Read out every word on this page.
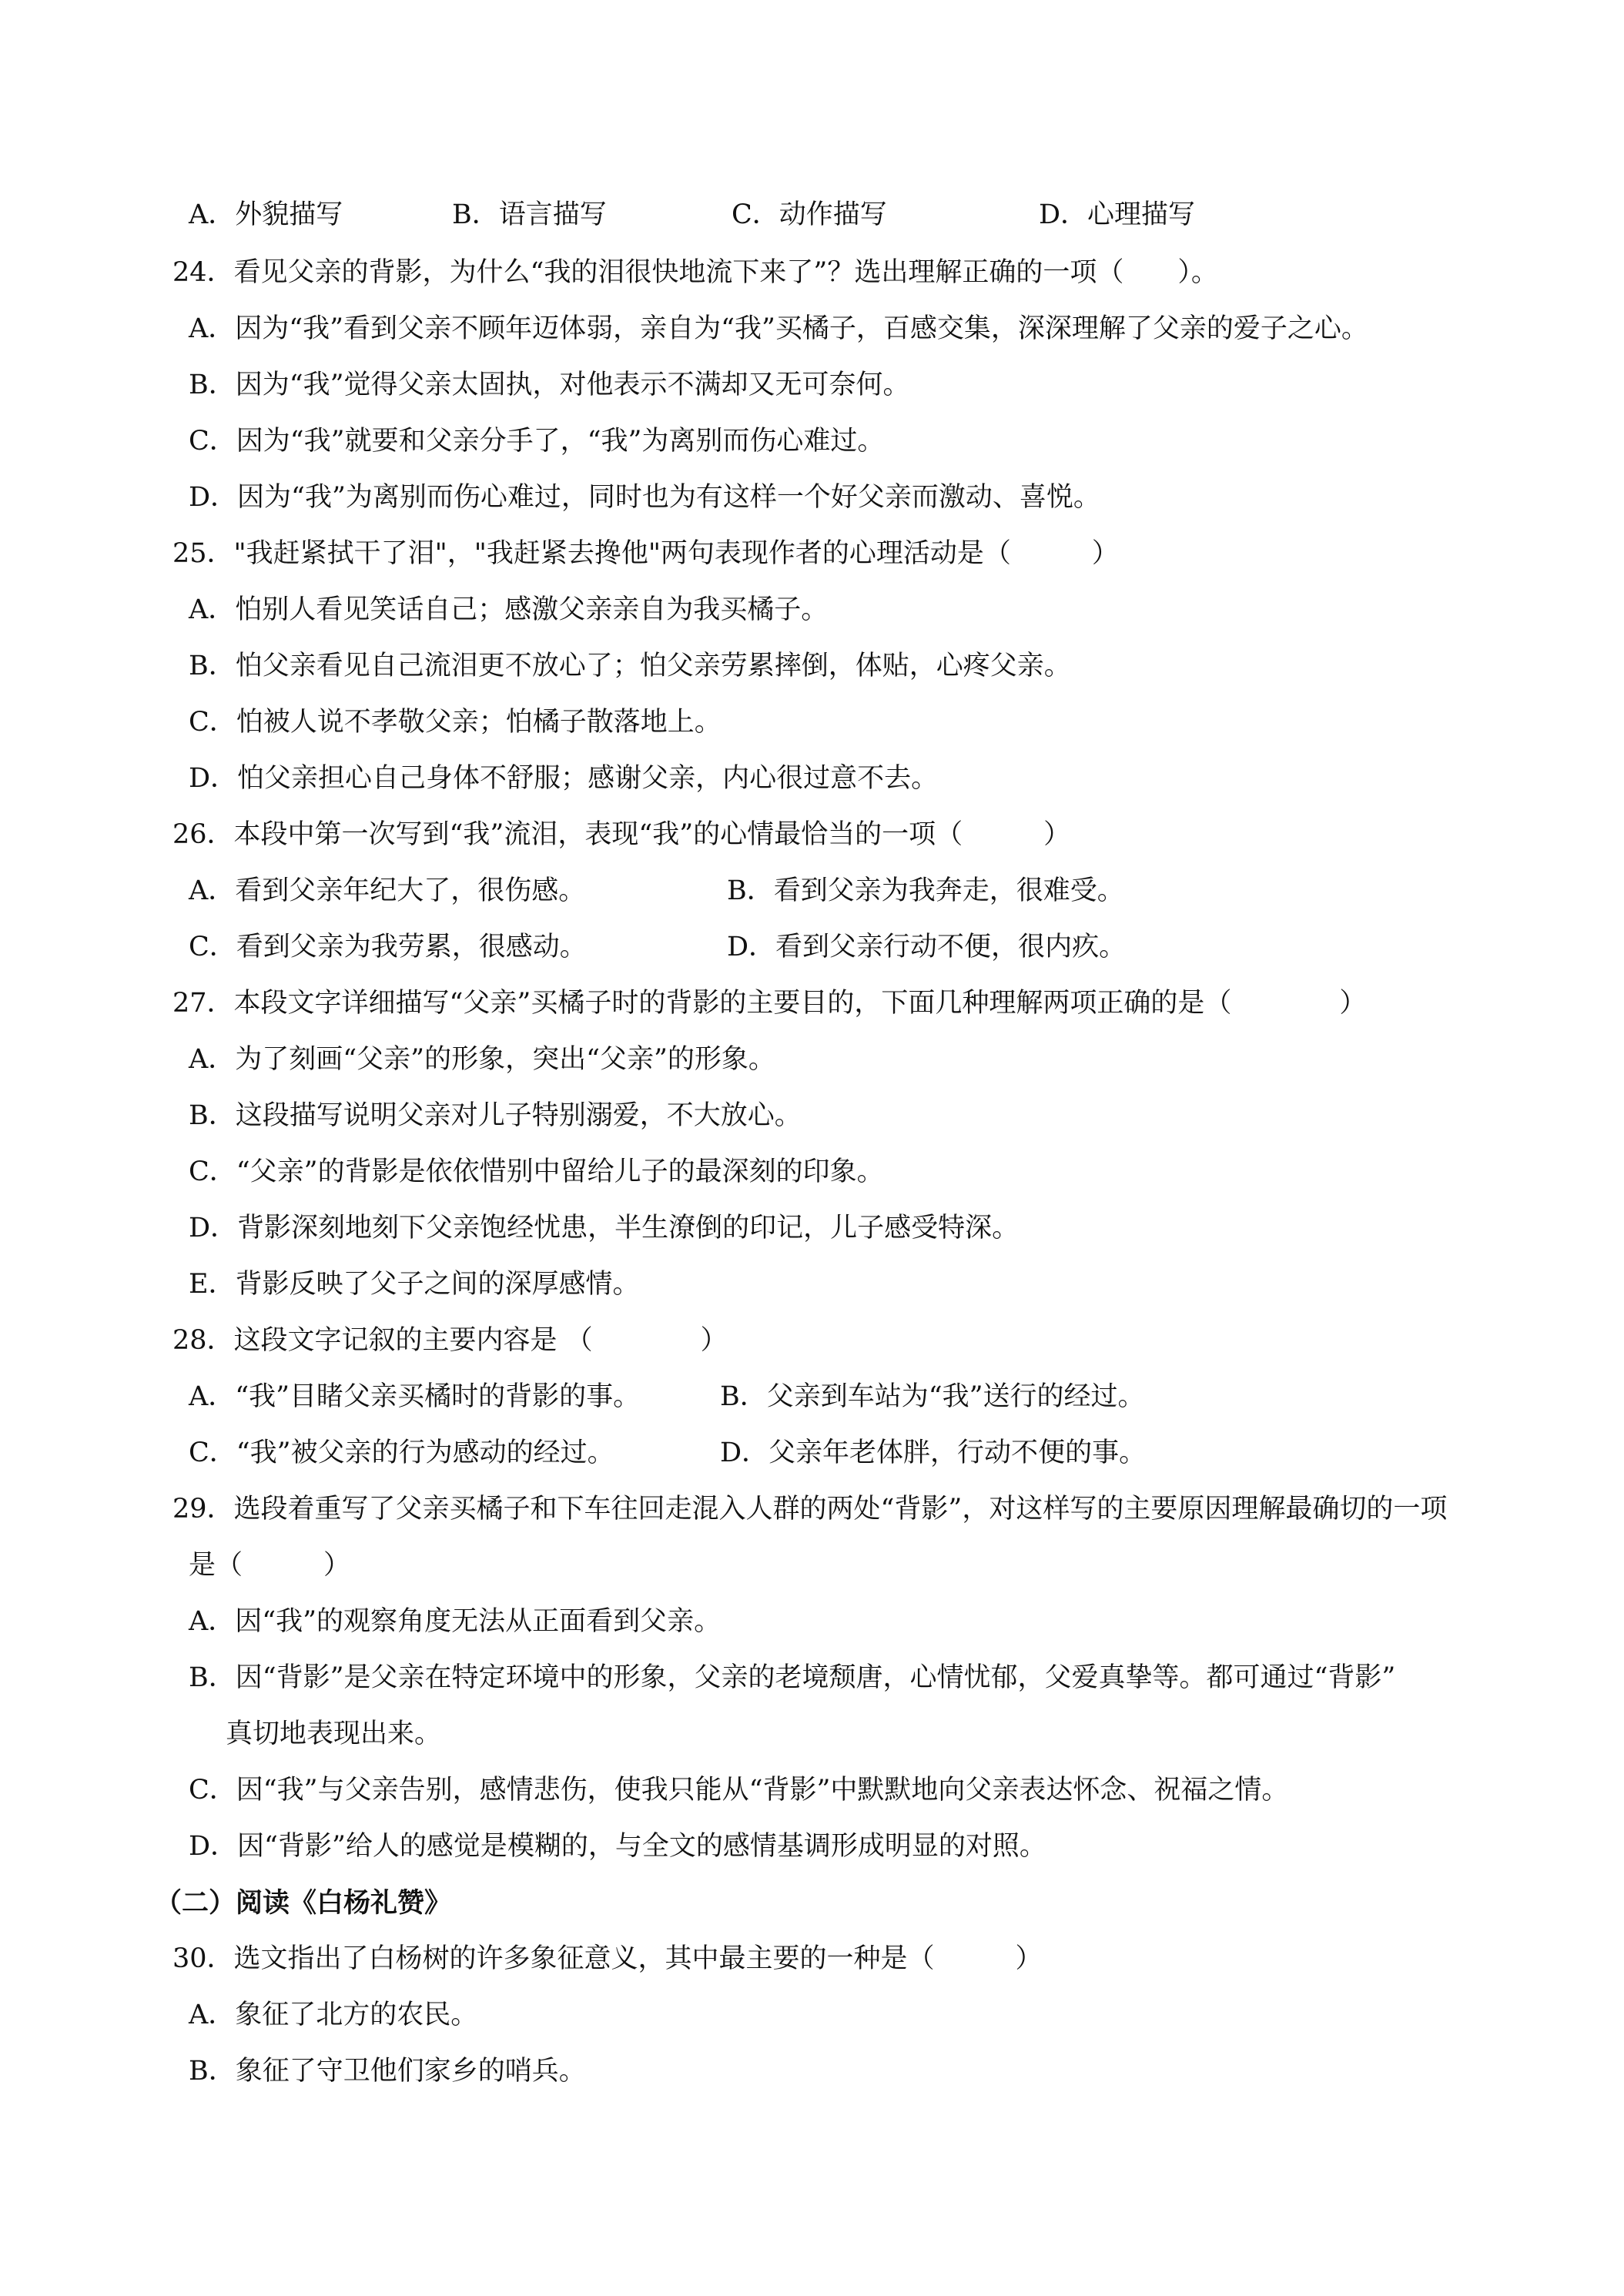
A．外貌描写	B．语言描写	C．动作描写	D．心理描写
24．看见父亲的背影，为什么“我的泪很快地流下来了”？选出理解正确的一项（　　）。
A．因为“我”看到父亲不顾年迈体弱，亲自为“我”买橘子，百感交集，深深理解了父亲的爱子之心。
B．因为“我”觉得父亲太固执，对他表示不满却又无可奈何。
C．因为“我”就要和父亲分手了，“我”为离别而伤心难过。
D．因为“我”为离别而伤心难过，同时也为有这样一个好父亲而激动、喜悦。
25．"我赶紧拭干了泪"，"我赶紧去搀他"两句表现作者的心理活动是（　　　）
A．怕别人看见笑话自己；感激父亲亲自为我买橘子。
B．怕父亲看见自己流泪更不放心了；怕父亲劳累摔倒，体贴，心疼父亲。
C．怕被人说不孝敬父亲；怕橘子散落地上。
D．怕父亲担心自己身体不舒服；感谢父亲，内心很过意不去。
26．本段中第一次写到“我”流泪，表现“我”的心情最恰当的一项（　　　）
A．看到父亲年纪大了，很伤感。	B．看到父亲为我奔走，很难受。
C．看到父亲为我劳累，很感动。	D．看到父亲行动不便，很内疚。
27．本段文字详细描写“父亲”买橘子时的背影的主要目的，下面几种理解两项正确的是（　　　　）
A．为了刻画“父亲”的形象，突出“父亲”的形象。
B．这段描写说明父亲对儿子特别溺爱，不大放心。
C．“父亲”的背影是依依惜别中留给儿子的最深刻的印象。
D．背影深刻地刻下父亲饱经忧患，半生潦倒的印记，儿子感受特深。
E．背影反映了父子之间的深厚感情。
28．这段文字记叙的主要内容是 （　　　　）
A．“我”目睹父亲买橘时的背影的事。	B．父亲到车站为“我”送行的经过。
C．“我”被父亲的行为感动的经过。	D．父亲年老体胖，行动不便的事。
29．选段着重写了父亲买橘子和下车往回走混入人群的两处“背影”，对这样写的主要原因理解最确切的一项
是（　　　）
A．因“我”的观察角度无法从正面看到父亲。
B．因“背影”是父亲在特定环境中的形象，父亲的老境颓唐，心情忧郁，父爱真挚等。都可通过“背影”
真切地表现出来。
C．因“我”与父亲告别，感情悲伤，使我只能从“背影”中默默地向父亲表达怀念、祝福之情。
D．因“背影”给人的感觉是模糊的，与全文的感情基调形成明显的对照。
（二）阅读《白杨礼赞》
30．选文指出了白杨树的许多象征意义，其中最主要的一种是（　　　）
A．象征了北方的农民。
B．象征了守卫他们家乡的哨兵。
